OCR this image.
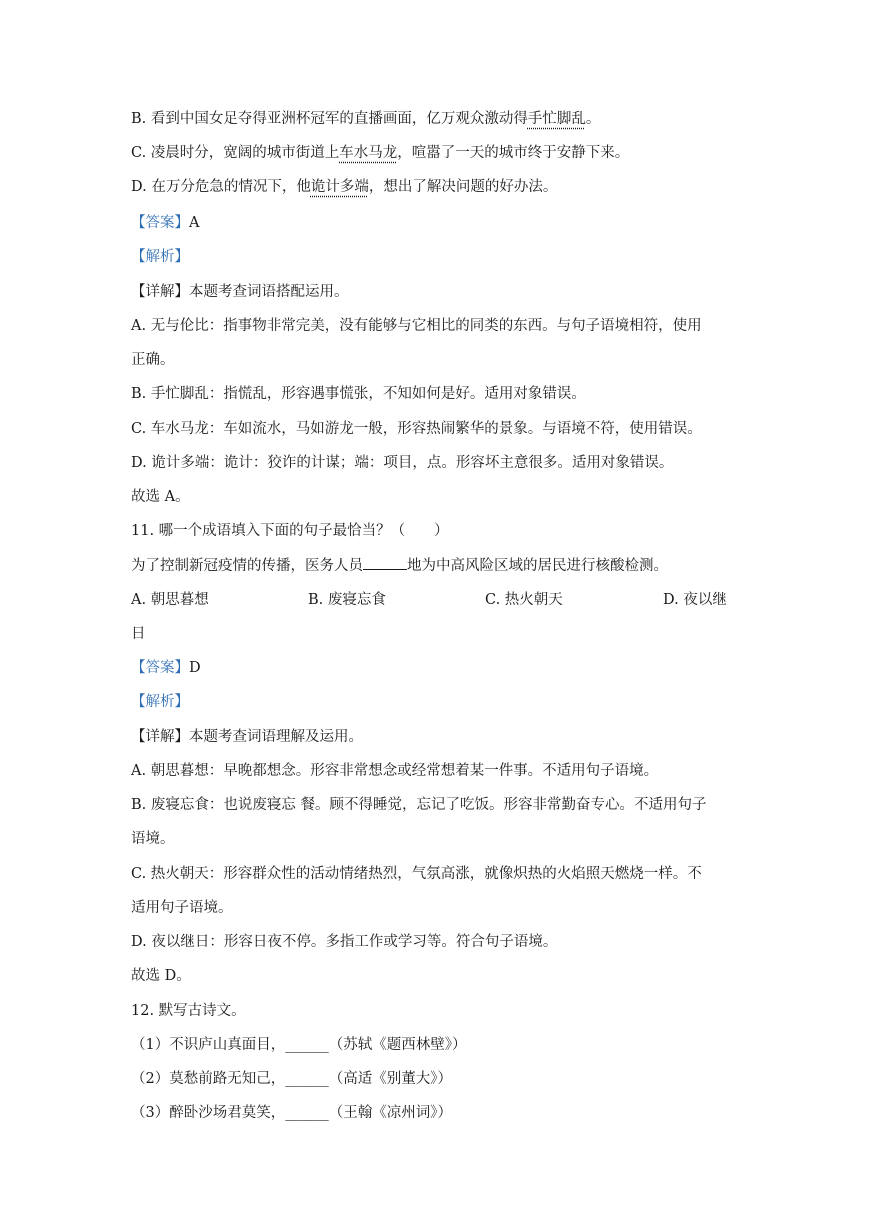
B. 看到中国女足夺得亚洲杯冠军的直播画面，亿万观众激动得手忙脚乱。
C. 凌晨时分，宽阔的城市街道上车水马龙，喧嚣了一天的城市终于安静下来。
D. 在万分危急的情况下，他诡计多端，想出了解决问题的好办法。
【答案】A
【解析】
【详解】本题考查词语搭配运用。
A. 无与伦比：指事物非常完美，没有能够与它相比的同类的东西。与句子语境相符，使用
正确。
B. 手忙脚乱：指慌乱，形容遇事慌张，不知如何是好。适用对象错误。
C. 车水马龙：车如流水，马如游龙一般，形容热闹繁华的景象。与语境不符，使用错误。
D. 诡计多端：诡计：狡诈的计谋；端：项目，点。形容坏主意很多。适用对象错误。
故选 A。
11. 哪一个成语填入下面的句子最恰当？（　　）
为了控制新冠疫情的传播，医务人员	地为中高风险区域的居民进行核酸检测。
A. 朝思暮想	B. 废寝忘食	C. 热火朝天	D. 夜以继
日
【答案】D
【解析】
【详解】本题考查词语理解及运用。
A. 朝思暮想：早晚都想念。形容非常想念或经常想着某一件事。不适用句子语境。
B. 废寝忘食：也说废寝忘 餐。顾不得睡觉，忘记了吃饭。形容非常勤奋专心。不适用句子
语境。
C. 热火朝天：形容群众性的活动情绪热烈，气氛高涨，就像炽热的火焰照天燃烧一样。不
适用句子语境。
D. 夜以继日：形容日夜不停。多指工作或学习等。符合句子语境。
故选 D。
12. 默写古诗文。
（1）不识庐山真面目，______（苏轼《题西林壁》）
（2）莫愁前路无知己，______（高适《别董大》）
（3）醉卧沙场君莫笑，______（王翰《凉州词》）
